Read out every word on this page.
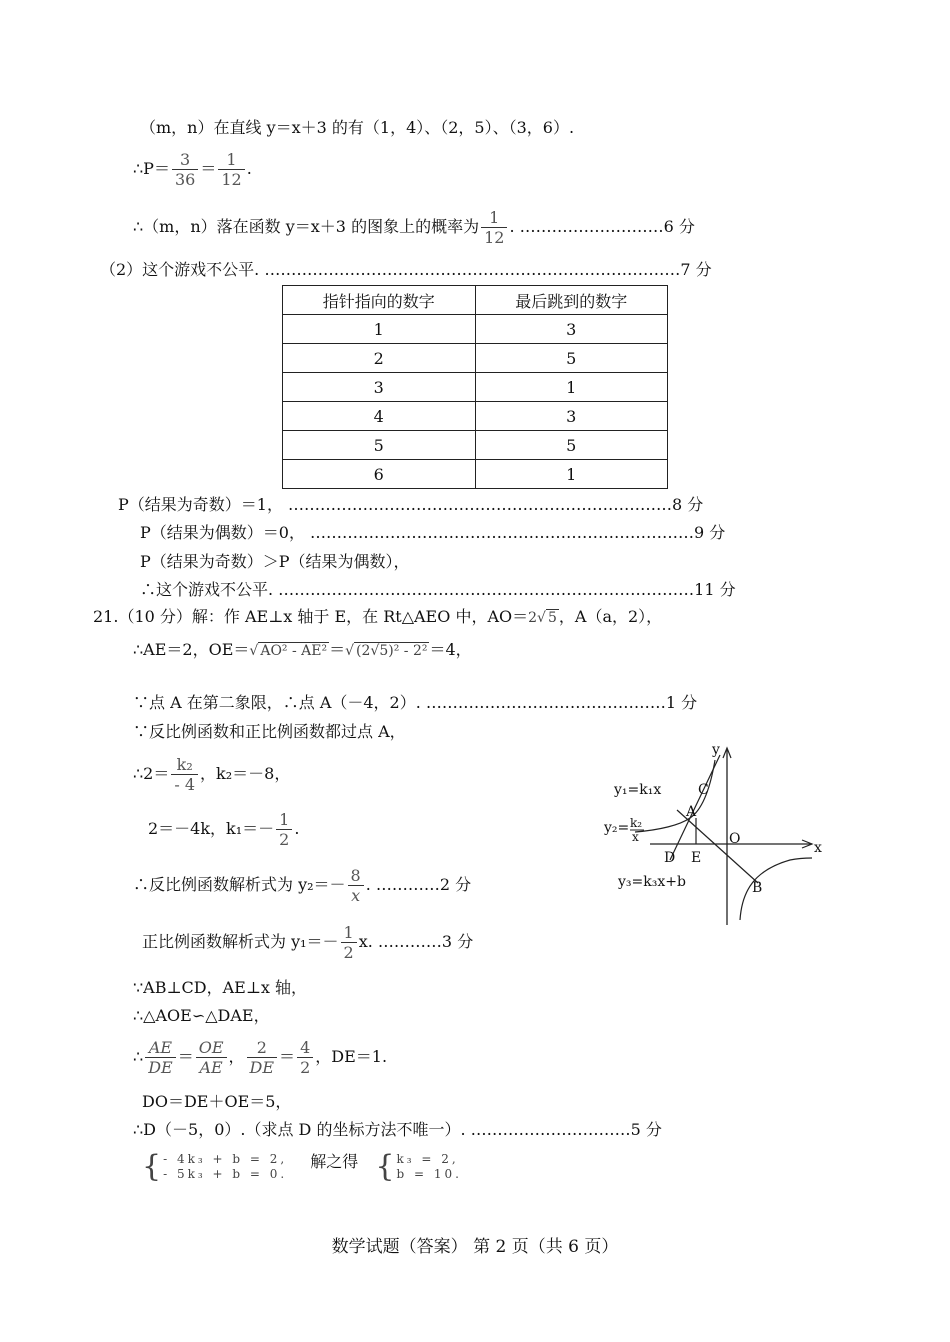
（m，n）在直线 y＝x＋3 的有（1，4）、（2，5）、（3，6）.
∴P＝ $\frac{3}{36} = \frac{1}{12}$ .
∴（m，n）落在函数 y＝x＋3 的图象上的概率为 $\frac{1}{12}$ . ………………………6 分
（2）这个游戏不公平. ……………………………………………………………………7 分
指针指向的数字	最后跳到的数字
1	3
2	5
3	1
4	3
5	5
6	1
P（结果为奇数）＝1， ………………………………………………………………8 分
P（结果为偶数）＝0， ………………………………………………………………9 分
P（结果为奇数）＞P（结果为偶数），
∴这个游戏不公平. ……………………………………………………………………11 分
21.（10 分）解：作 AE⊥x 轴于 E，在 Rt△AEO 中，AO＝2√ 5 ，A（a，2），
∴AE＝2，OE＝√ AO² - AE² ＝√ (2√5)² - 2² ＝4，
∵点 A 在第二象限，∴点 A（－4，2）. ………………………………………1 分
∵反比例函数和正比例函数都过点 A，
∴2＝ $\frac{\text{k₂}}{- 4}$ ，k₂＝－8，
2＝－4k，$k_1=- \frac{1}{2}$ .
∴反比例函数解析式为 $y_2=- \frac{8}{x}$ . …………2 分
正比例函数解析式为 $y_1=- \frac{1}{2} x$. …………3 分
∵AB⊥CD，AE⊥x 轴，
∴△AOE∽△DAE，
∴ $\frac{AE}{DE} = \frac{OE}{AE}$ ， $\frac{2}{DE} = \frac{4}{2}$ ，DE＝1.
DO＝DE＋OE＝5，
∴D（－5，0）.（求点 D 的坐标方法不唯一）. …………………………5 分
{ - 4k₃ + b = 2,
- 5k₃ + b = 0.
解之得 { k₃ = 2,
b = 10.
y
x
y₁=k₁x	C
A
y₂= k₂
x	O
D E
y₃=k₃x+b	B
数学试题（答案） 第 2 页（共 6 页）
